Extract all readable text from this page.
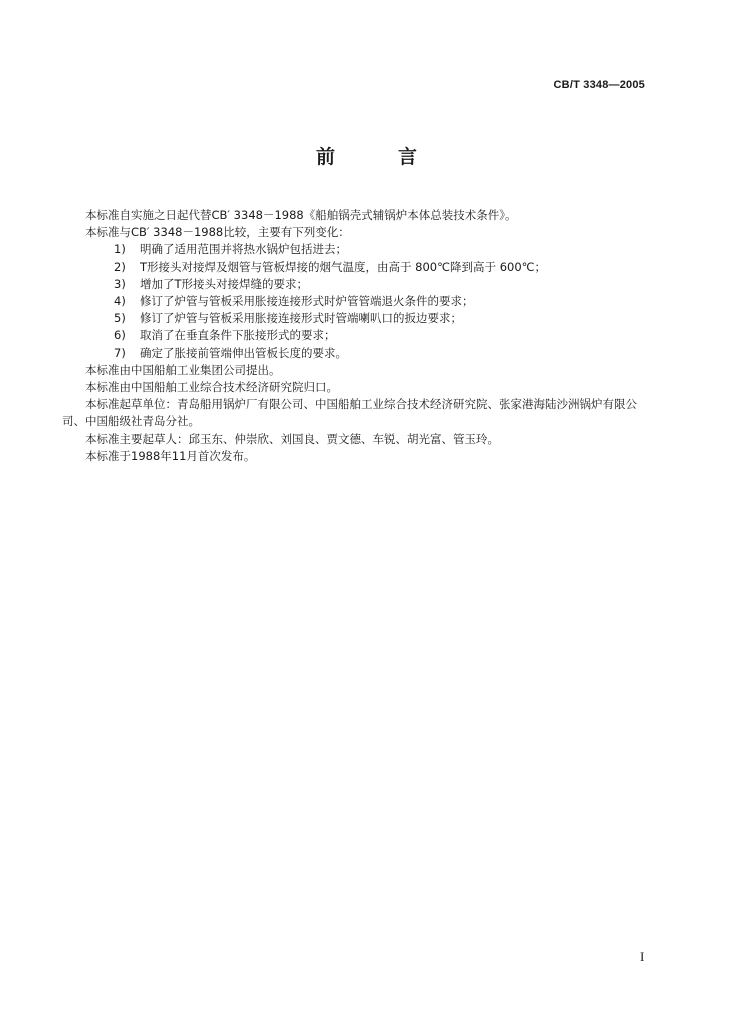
CB/T 3348—2005
前　言

本标准自实施之日起代替CB′ 3348－1988《船舶锅壳式辅锅炉本体总装技术条件》。

本标准与CB′ 3348－1988比较，主要有下列变化：

1)	明确了适用范围并将热水锅炉包括进去；
2)	T形接头对接焊及烟管与管板焊接的烟气温度，由高于 800℃降到高于 600℃；
3)	增加了T形接头对接焊缝的要求；
4)	修订了炉管与管板采用胀接连接形式时炉管管端退火条件的要求；
5)	修订了炉管与管板采用胀接连接形式时管端喇叭口的扳边要求；
6)	取消了在垂直条件下胀接形式的要求；
7)	确定了胀接前管端伸出管板长度的要求。

本标准由中国船舶工业集团公司提出。

本标准由中国船舶工业综合技术经济研究院归口。

本标准起草单位：青岛船用锅炉厂有限公司、中国船舶工业综合技术经济研究院、张家港海陆沙洲锅炉有限公司、中国船级社青岛分社。

本标准主要起草人：邱玉东、仲崇欣、刘国良、贾文德、车锐、胡光富、管玉玲。

本标准于1988年11月首次发布。

I
